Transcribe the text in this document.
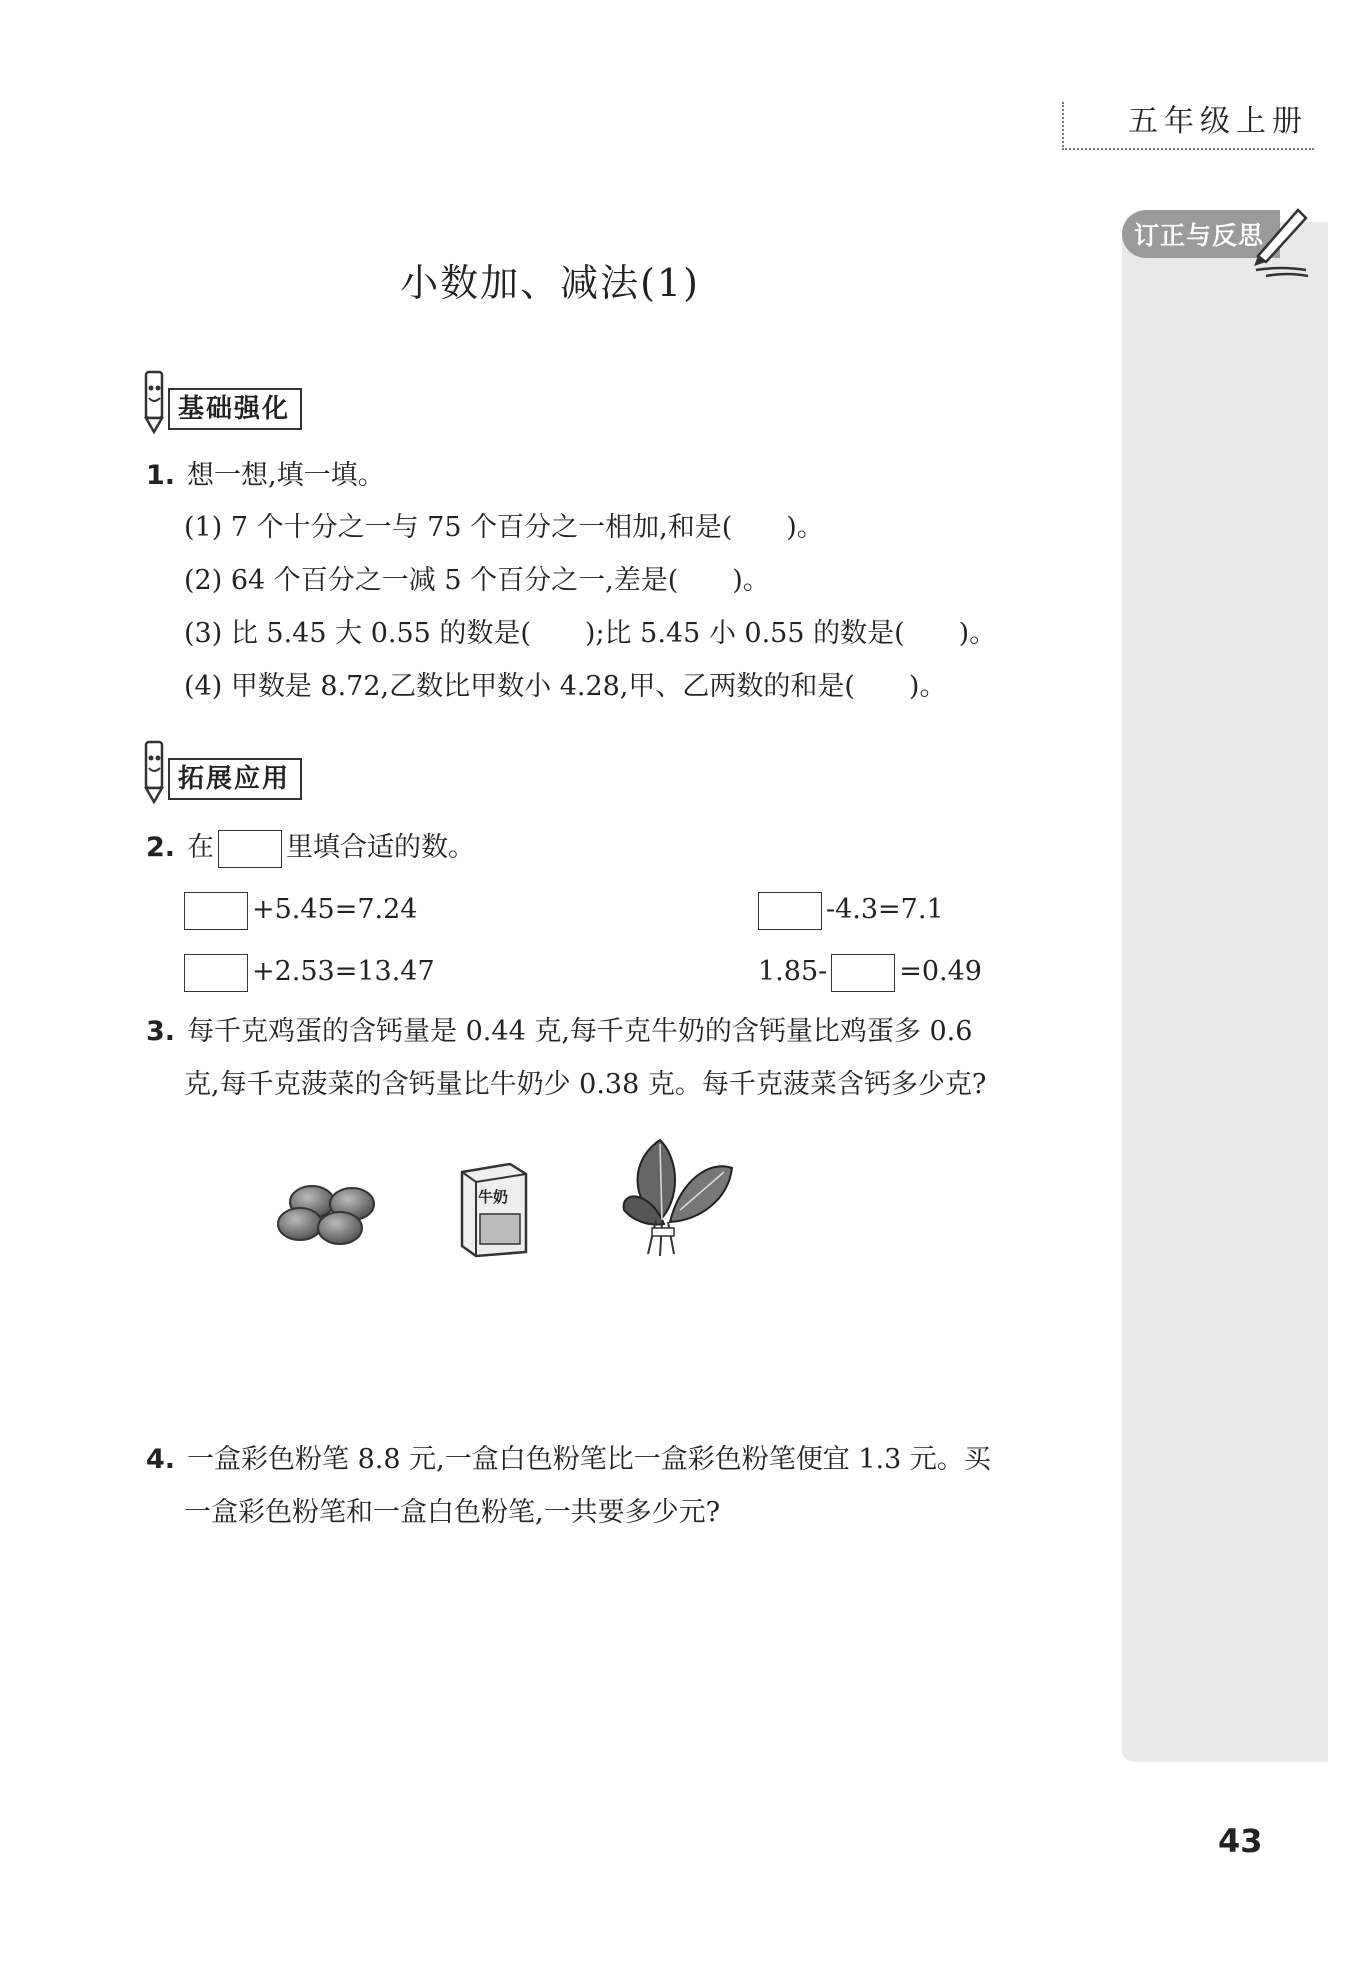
五年级上册
订正与反思
小数加、减法(1)
基础强化
1. 想一想,填一填。
(1) 7 个十分之一与 75 个百分之一相加,和是(　　)。
(2) 64 个百分之一减 5 个百分之一,差是(　　)。
(3) 比 5.45 大 0.55 的数是(　　);比 5.45 小 0.55 的数是(　　)。
(4) 甲数是 8.72,乙数比甲数小 4.28,甲、乙两数的和是(　　)。
拓展应用
2. 在	里填合适的数。
+5.45=7.24	-4.3=7.1
+2.53=13.47	1.85-	=0.49
3. 每千克鸡蛋的含钙量是 0.44 克,每千克牛奶的含钙量比鸡蛋多 0.6
克,每千克菠菜的含钙量比牛奶少 0.38 克。每千克菠菜含钙多少克?
牛奶
4. 一盒彩色粉笔 8.8 元,一盒白色粉笔比一盒彩色粉笔便宜 1.3 元。买
一盒彩色粉笔和一盒白色粉笔,一共要多少元?
43
